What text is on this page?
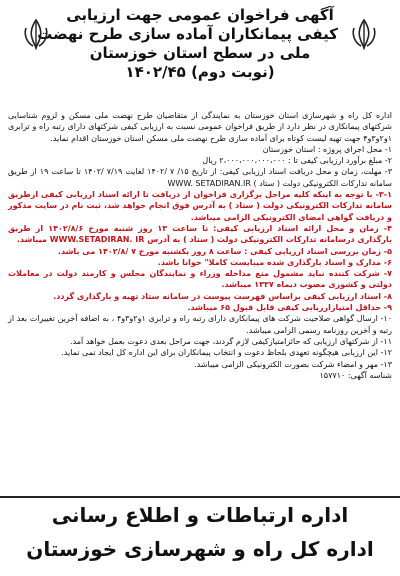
آگهی فراخوان عمومی جهت ارزیابی
کیفی پیمانکاران آماده سازی طرح نهضت
ملی در سطح استان خوزستان
(نوبت دوم) ۱۴۰۲/۴۵

اداره کل راه و شهرسازی استان خوزستان به نمایندگی از متقاضیان طرح نهضت ملی مسکن و لزوم شناسایی شرکتهای پیمانکاری در نظر دارد از طریق فراخوان عمومی نسبت به ارزیابی کیفی شرکتهای دارای رتبه راه و ترابری ۱و۲و۳و۴ جهت تهیه لیست کوتاه برای آماده سازی طرح نهضت ملی مسکن استان خوزستان اقدام نماید.

۱- محل اجرای پروژه : استان خوزستان

۲- مبلغ برآورد ارزیابی کیفی تا : ۲،۰۰۰،۰۰۰،۰۰۰،۰۰۰ ریال

۳- مهلت، زمان و محل دریافت اسناد ارزیابی کیفی: از تاریخ ۱۵/ ۷ /۱۴۰۲ لغایت ۷/۱۹ /۱۴۰۲ تا ساعت ۱۹ از طریق سامانه تدارکات الکترونیکی دولت ( ستاد ) WWW. SETADIRAN.IR

۳-۱- با توجه به اینکه کلیه مراحل برگزاری فراخوان از دریافت تا ارائه اسناد ارزیابی کیفی ازطریق سامانه تدارکات الکترونیکی دولت ( ستاد ) به آدرس فوق انجام خواهد شد، ثبت نام در سایت مذکور و دریافت گواهی امضای الکترونیکی الزامی میباشد.

۴- زمان و محل ارائه اسناد ارزیابی کیفی: تا ساعت ۱۳ روز شنبه مورخ ۱۴۰۲/۸/۶ از طریق بارگذاری درسامانه تدارکات الکترونیکی دولت ( ستاد ) به آدرس WWW.SETADIRAN. IR میباشد.

۵- زمان بررسی اسناد ارزیابی کیفی : ساعت ۸ روز یکشنبه مورخ ۷ /۱۴۰۲/۸ می باشد.

۶- مدارک و اسناد بارگذاری شده میبایست کاملا" خوانا باشد.

۷- شرکت کننده نباید مشمول منع مداخله وزراء و نمایندگان مجلس و کارمند دولت در معاملات دولتی و کشوری مصوب دیماه ۱۳۳۷ میباشد.

۸- اسناد ارزیابی کیفی براساس فهرست پیوست در سامانه ستاد تهیه و بارگذاری گردد.

۹- حداقل امتیازارزیابی کیفی قابل قبول ۶۵ میباشد.

۱۰- ارسال گواهی صلاحیت شرکت های پیمانکاری دارای رتبه راه و ترابری ۱و۲و۳و۴ ، به اضافه آخرین تغییرات بعد از رتبه و آخرین روزنامه رسمی الزامی میباشد.

۱۱- از شرکتهای ارزیابی که حائزامتیازکیفی لازم گردند، جهت مراحل بعدی دعوت بعمل خواهد آمد.

۱۲- این ارزیابی هیچگونه تعهدی بلحاظ دعوت و انتخاب پیمانکاران برای این اداره کل ایجاد نمی نماید.

۱۳- مهر و امضاء شرکت بصورت الکترونیکی الزامی میباشد.

شناسه آگهی: ۱۵۷۷۱۰

اداره ارتباطات و اطلاع رسانی
اداره کل راه و شهرسازی خوزستان
